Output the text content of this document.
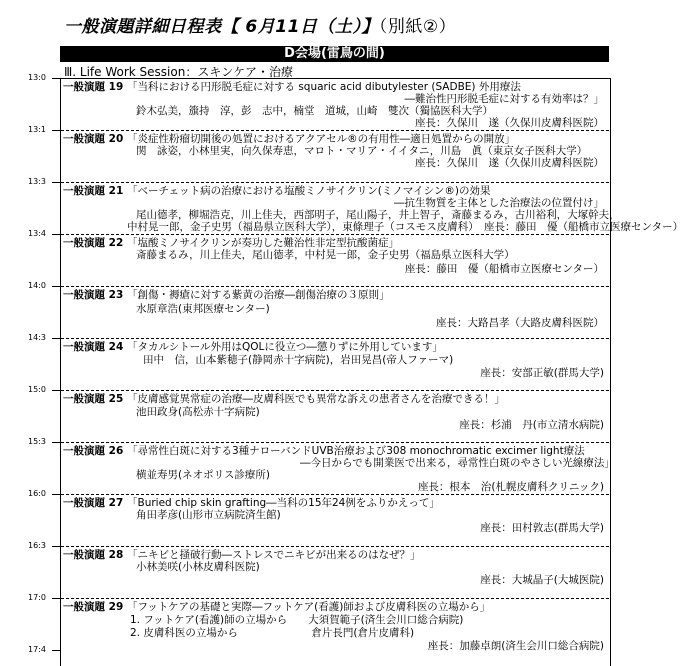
一般演題詳細日程表【 6月11日（土）】（別紙②）
D会場(雷鳥の間)
Ⅲ. Life Work Session：スキンケア・治療
13:0
13:1
13:3
13:4
14:0
14:3
15:0
15:3
16:0
16:3
17:0
17:4
一般演題 19 「当科における円形脱毛症に対する squaric acid dibutylester (SADBE) 外用療法
―難治性円形脱毛症に対する有効率は？」
鈴木弘美，籏持　淳，彭　志中，楠堂　道城，山崎　雙次（獨協医科大学）
座長：久保川　遂（久保川皮膚科医院）
一般演題 20 「炎症性粉瘤切開後の処置におけるアクアセル®の有用性―適日処置からの開放」
関　詠姿，小林里実，向久保寿恵，マロト・マリア・イイタニ，川島　眞（東京女子医科大学）
座長：久保川　遂（久保川皮膚科医院）
一般演題 21 「ベーチェット病の治療における塩酸ミノサイクリン(ミノマイシン®)の効果
―抗生物質を主体とした治療法の位置付け」
尾山德孝，柳堀浩克，川上佳夫，西部明子，尾山陽子，井上智子，斎藤まるみ，古川裕利，大塚幹夫，
中村晃一郎，金子史男（福島県立医科大学），東條理子（コスモス皮膚科）　座長：藤田　優（船橋市立医療センター）
一般演題 22 「塩酸ミノサイクリンが奏功した難治性非定型抗酸菌症」
斎藤まるみ，川上佳夫，尾山德孝，中村晃一郎，金子史男（福島県立医科大学）
座長：藤田　優（船橋市立医療センター）
一般演題 23 「創傷・褥瘡に対する紫黄の治療―創傷治療の３原則」
水原章浩(東邦医療センター)
座長：大路昌孝（大路皮膚科医院）
一般演題 24 「タカルシトール外用はQOLに役立つ―懲りずに外用しています」
田中　信，山本紫穂子(静岡赤十字病院)，岩田晃昌(帝人ファーマ)
座長：安部正敏(群馬大学)
一般演題 25 「皮膚感覚異常症の治療―皮膚科医でも異常な訴えの患者さんを治療できる！」
池田政身(高松赤十字病院)
座長：杉浦　丹(市立清水病院)
一般演題 26 「尋常性白斑に対する3種ナローバンドUVB治療および308 monochromatic excimer light療法
―今日からでも開業医で出来る，尋常性白斑のやさしい光線療法」
横並寿男(ネオポリス診療所)
座長：根本　治(札幌皮膚科クリニック)
一般演題 27 「Buried chip skin grafting―当科の15年24例をふりかえって」
角田孝彦(山形市立病院済生館)
座長：田村敦志(群馬大学)
一般演題 28 「ニキビと掻破行動―ストレスでニキビが出来るのはなぜ？」
小林美咲(小林皮膚科医院)
座長：大城晶子(大城医院)
一般演題 29 「フットケアの基礎と実際―フットケア(看護)師および皮膚科医の立場から」
1. フットケア(看護)師の立場から　　大須賀範子(済生会川口総合病院)
2. 皮膚科医の立場から　　　　　　　倉片長門(倉片皮膚科)
座長：加藤卓朗(済生会川口総合病院)
